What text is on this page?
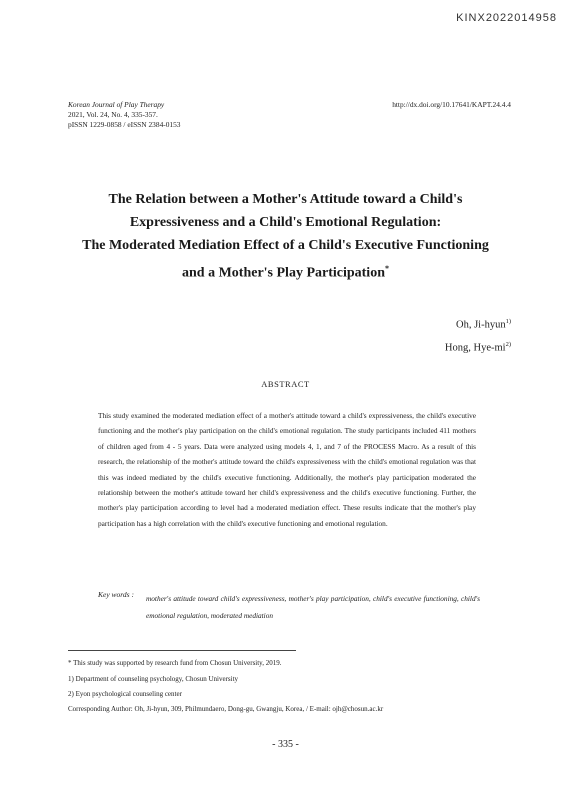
KINX2022014958
Korean Journal of Play Therapy
2021, Vol. 24, No. 4, 335-357.
pISSN 1229-0858 / eISSN 2384-0153
http://dx.doi.org/10.17641/KAPT.24.4.4
The Relation between a Mother's Attitude toward a Child's
Expressiveness and a Child's Emotional Regulation:
The Moderated Mediation Effect of a Child's Executive Functioning
and a Mother's Play Participation*
Oh, Ji-hyun$^{1)}$
Hong, Hye-$mi^{2)}$
ABSTRACT
This study examined the moderated mediation effect of a mother's attitude toward a child's expressiveness, the child's executive functioning and the mother's play participation on the child's emotional regulation. The study participants included 411 mothers of children aged from 4 - 5 years. Data were analyzed using models 4, 1, and 7 of the PROCESS Macro. As a result of this research, the relationship of the mother's attitude toward the child's expressiveness with the child's emotional regulation was that this was indeed mediated by the child's executive functioning. Additionally, the mother's play participation moderated the relationship between the mother's attitude toward her child's expressiveness and the child's executive functioning. Further, the mother's play participation according to level had a moderated mediation effect. These results indicate that the mother's play participation has a high correlation with the child's executive functioning and emotional regulation.
Key words : mother's attitude toward child's expressiveness, mother's play participation, child's executive functioning, child's emotional regulation, moderated mediation
* This study was supported by research fund from Chosun University, 2019.
1) Department of counseling psychology, Chosun University
2) Eyon psychological counseling center
Corresponding Author: Oh, Ji-hyun, 309, Philmundaero, Dong-gu, Gwangju, Korea, / E-mail: ojh@chosun.ac.kr
- 335 -
